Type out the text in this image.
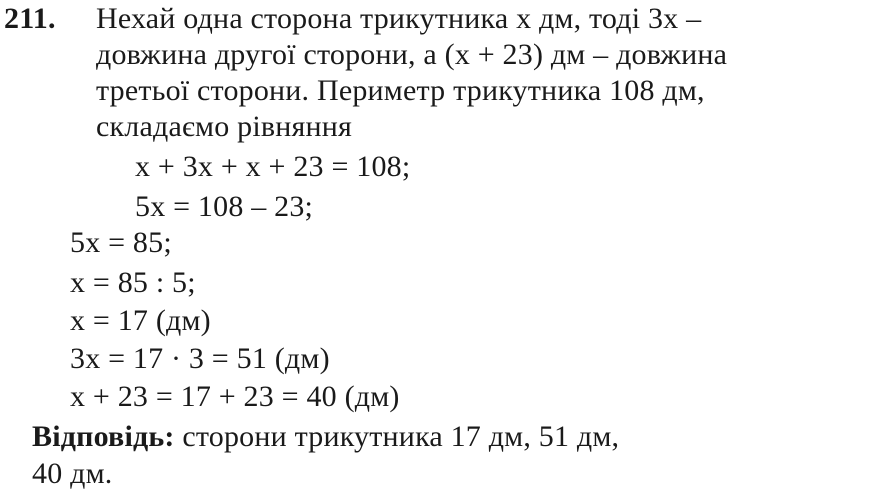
211. Нехай одна сторона трикутника x дм, тоді 3x –
довжина другої сторони, а (x + 23) дм – довжина
третьої сторони. Периметр трикутника 108 дм,
складаємо рівняння
x + 3x + x + 23 = 108;
5x = 108 – 23;
5x = 85;
x = 85 : 5;
x = 17 (дм)
3x = 17 · 3 = 51 (дм)
x + 23 = 17 + 23 = 40 (дм)
Відповідь: сторони трикутника 17 дм, 51 дм,
40 дм.
